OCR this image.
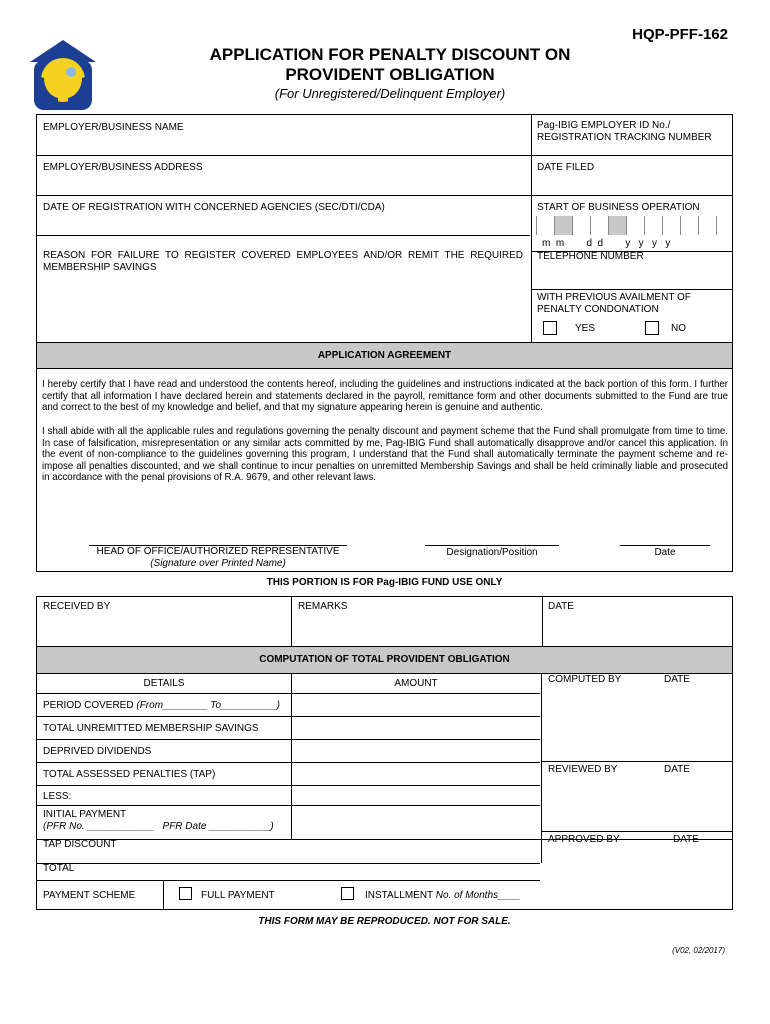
HQP-PFF-162
APPLICATION FOR PENALTY DISCOUNT ON
PROVIDENT OBLIGATION
(For Unregistered/Delinquent Employer)
EMPLOYER/BUSINESS NAME	Pag-IBIG EMPLOYER ID No./
REGISTRATION TRACKING NUMBER
EMPLOYER/BUSINESS ADDRESS	DATE FILED
DATE OF REGISTRATION WITH CONCERNED AGENCIES (SEC/DTI/CDA)	START OF BUSINESS OPERATION
m  m        d  d        y   y   y   y
REASON FOR FAILURE TO REGISTER COVERED EMPLOYEES AND/OR REMIT THE REQUIRED MEMBERSHIP SAVINGS
TELEPHONE NUMBER
WITH PREVIOUS AVAILMENT OF
PENALTY CONDONATION
YES	NO
APPLICATION AGREEMENT

I hereby certify that I have read and understood the contents hereof, including the guidelines and instructions indicated at the back portion of this form. I further certify that all information I have declared herein and statements declared in the payroll, remittance form and other documents submitted to the Fund are true and correct to the best of my knowledge and belief, and that my signature appearing herein is genuine and authentic.

I shall abide with all the applicable rules and regulations governing the penalty discount and payment scheme that the Fund shall promulgate from time to time. In case of falsification, misrepresentation or any similar acts committed by me, Pag-IBIG Fund shall automatically disapprove and/or cancel this application. In the event of non-compliance to the guidelines governing this program, I understand that the Fund shall automatically terminate the payment scheme and re-impose all penalties discounted, and we shall continue to incur penalties on unremitted Membership Savings and shall be held criminally liable and prosecuted in accordance with the penal provisions of R.A. 9679, and other relevant laws.

HEAD OF OFFICE/AUTHORIZED REPRESENTATIVE
(Signature over Printed Name)
Designation/Position	Date
THIS PORTION IS FOR Pag-IBIG FUND USE ONLY
RECEIVED BY	REMARKS	DATE
COMPUTATION OF TOTAL PROVIDENT OBLIGATION
DETAILS	AMOUNT
PERIOD COVERED (From________ To__________)
TOTAL UNREMITTED MEMBERSHIP SAVINGS
DEPRIVED DIVIDENDS
TOTAL ASSESSED PENALTIES (TAP)
LESS:
INITIAL PAYMENT
(PFR No. ____________   PFR Date ___________)
TAP DISCOUNT
TOTAL
PAYMENT SCHEME	FULL PAYMENT	INSTALLMENT No. of Months____
COMPUTED BY	DATE
REVIEWED BY	DATE
APPROVED BY	DATE
THIS FORM MAY BE REPRODUCED. NOT FOR SALE.
(V02, 02/2017)
